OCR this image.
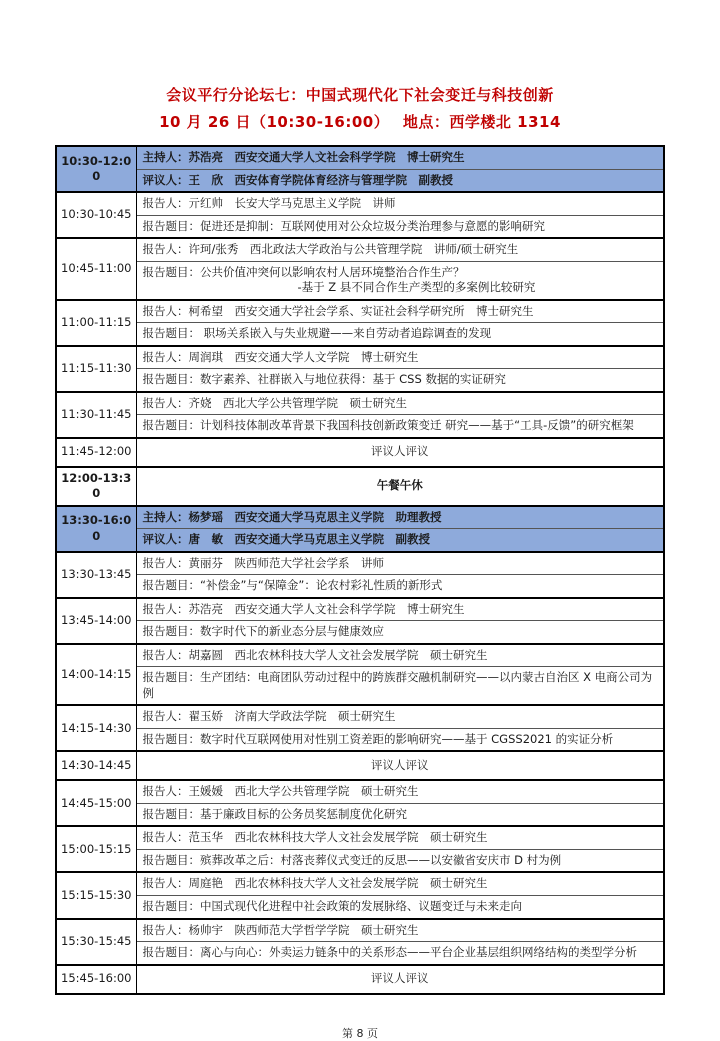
会议平行分论坛七：中国式现代化下社会变迁与科技创新
10 月 26 日（10:30-16:00）　 地点：西学楼北 1314
10:30-12:00	主持人：苏浩亮　西安交通大学人文社会科学学院　博士研究生
	评议人：王　欣　西安体育学院体育经济与管理学院　副教授
10:30-10:45	报告人：亓红帅　长安大学马克思主义学院　讲师
	报告题目：促进还是抑制：互联网使用对公众垃圾分类治理参与意愿的影响研究
10:45-11:00	报告人：许珂/张秀　西北政法大学政治与公共管理学院　讲师/硕士研究生

	报告题目：公共价值冲突何以影响农村人居环境整治合作生产？
-基于 Z 县不同合作生产类型的多案例比较研究

11:00-11:15	报告人：柯希望　西安交通大学社会学系、实证社会科学研究所　博士研究生
	报告题目： 职场关系嵌入与失业规避——来自劳动者追踪调查的发现
11:15-11:30	报告人：周润琪　西安交通大学人文学院　博士研究生
	报告题目：数字素养、社群嵌入与地位获得：基于 CSS 数据的实证研究
11:30-11:45	报告人：齐娆　西北大学公共管理学院　硕士研究生
	报告题目：计划科技体制改革背景下我国科技创新政策变迁 研究——基于“工具-反馈”的研究框架
11:45-12:00	评议人评议
12:00-13:30	午餐午休
13:30-16:00	主持人：杨梦瑶　西安交通大学马克思主义学院　助理教授
	评议人：唐　敏　西安交通大学马克思主义学院　副教授
13:30-13:45	报告人：黄丽芬　陕西师范大学社会学系　讲师
	报告题目：“补偿金”与“保障金”：论农村彩礼性质的新形式
13:45-14:00	报告人：苏浩亮　西安交通大学人文社会科学学院　博士研究生
	报告题目：数字时代下的新业态分层与健康效应
14:00-14:15	报告人：胡嘉圆　西北农林科技大学人文社会发展学院　硕士研究生
	报告题目：生产团结：电商团队劳动过程中的跨族群交融机制研究——以内蒙古自治区 X 电商公司为例
14:15-14:30	报告人：翟玉娇　济南大学政法学院　硕士研究生
	报告题目：数字时代互联网使用对性别工资差距的影响研究——基于 CGSS2021 的实证分析
14:30-14:45	评议人评议
14:45-15:00	报告人：王媛媛　西北大学公共管理学院　硕士研究生
	报告题目：基于廉政目标的公务员奖惩制度优化研究
15:00-15:15	报告人：范玉华　西北农林科技大学人文社会发展学院　硕士研究生
	报告题目：殡葬改革之后：村落丧葬仪式变迁的反思——以安徽省安庆市 D 村为例
15:15-15:30	报告人：周庭艳　西北农林科技大学人文社会发展学院　硕士研究生
	报告题目：中国式现代化进程中社会政策的发展脉络、议题变迁与未来走向
15:30-15:45	报告人：杨帅宇　陕西师范大学哲学学院　硕士研究生
	报告题目：离心与向心：外卖运力链条中的关系形态——平台企业基层组织网络结构的类型学分析
15:45-16:00	评议人评议
第 8 页
